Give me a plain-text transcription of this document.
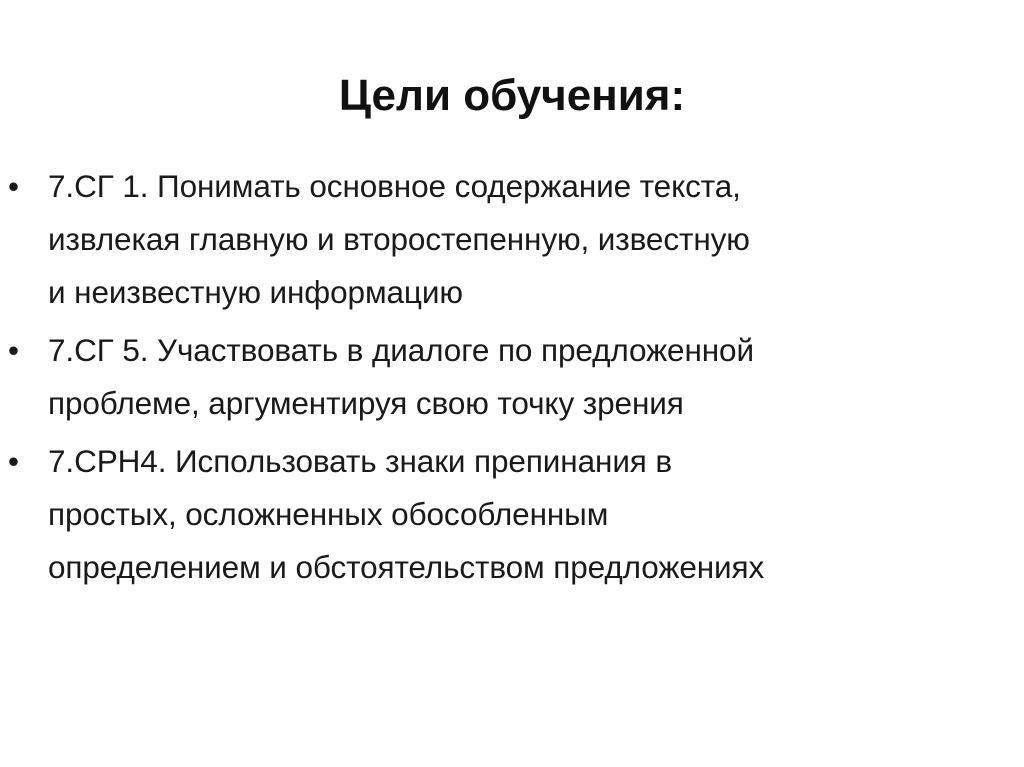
Цели обучения:
• 7.СГ 1. Понимать основное содержание текста,
извлекая главную и второстепенную, известную
и неизвестную информацию
• 7.СГ 5. Участвовать в диалоге по предложенной
проблеме, аргументируя свою точку зрения
• 7.СРН4. Использовать знаки препинания в
простых, осложненных обособленным
определением и обстоятельством предложениях
